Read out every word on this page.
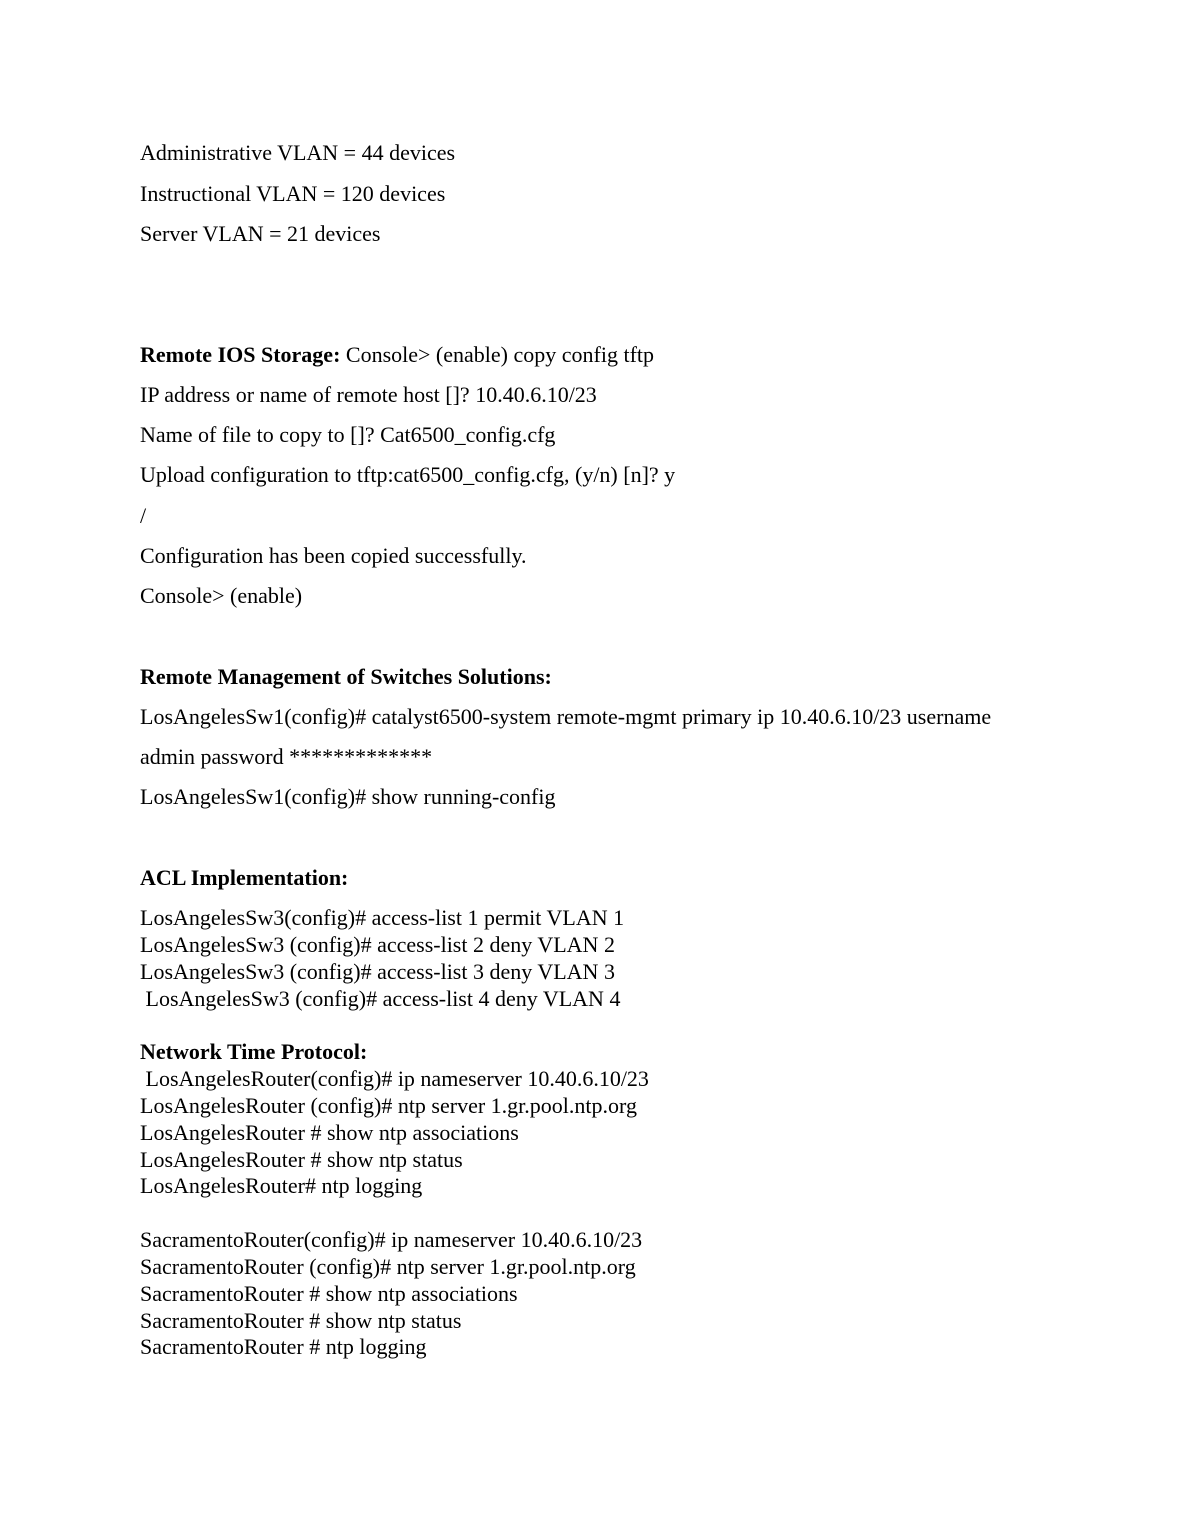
Administrative VLAN = 44 devices
Instructional VLAN = 120 devices
Server VLAN = 21 devices
Remote IOS Storage: Console> (enable) copy config tftp
IP address or name of remote host []? 10.40.6.10/23
Name of file to copy to []? Cat6500_config.cfg
Upload configuration to tftp:cat6500_config.cfg, (y/n) [n]? y
/
Configuration has been copied successfully.
Console> (enable)
Remote Management of Switches Solutions:
LosAngelesSw1(config)# catalyst6500-system remote-mgmt primary ip 10.40.6.10/23 username
admin password *************
LosAngelesSw1(config)# show running-config
ACL Implementation:
LosAngelesSw3(config)# access-list 1 permit VLAN 1
LosAngelesSw3 (config)# access-list 2 deny VLAN 2
LosAngelesSw3 (config)# access-list 3 deny VLAN 3
LosAngelesSw3 (config)# access-list 4 deny VLAN 4
Network Time Protocol:
LosAngelesRouter(config)# ip nameserver 10.40.6.10/23
LosAngelesRouter (config)# ntp server 1.gr.pool.ntp.org
LosAngelesRouter # show ntp associations
LosAngelesRouter # show ntp status
LosAngelesRouter# ntp logging
SacramentoRouter(config)# ip nameserver 10.40.6.10/23
SacramentoRouter (config)# ntp server 1.gr.pool.ntp.org
SacramentoRouter # show ntp associations
SacramentoRouter # show ntp status
SacramentoRouter # ntp logging
